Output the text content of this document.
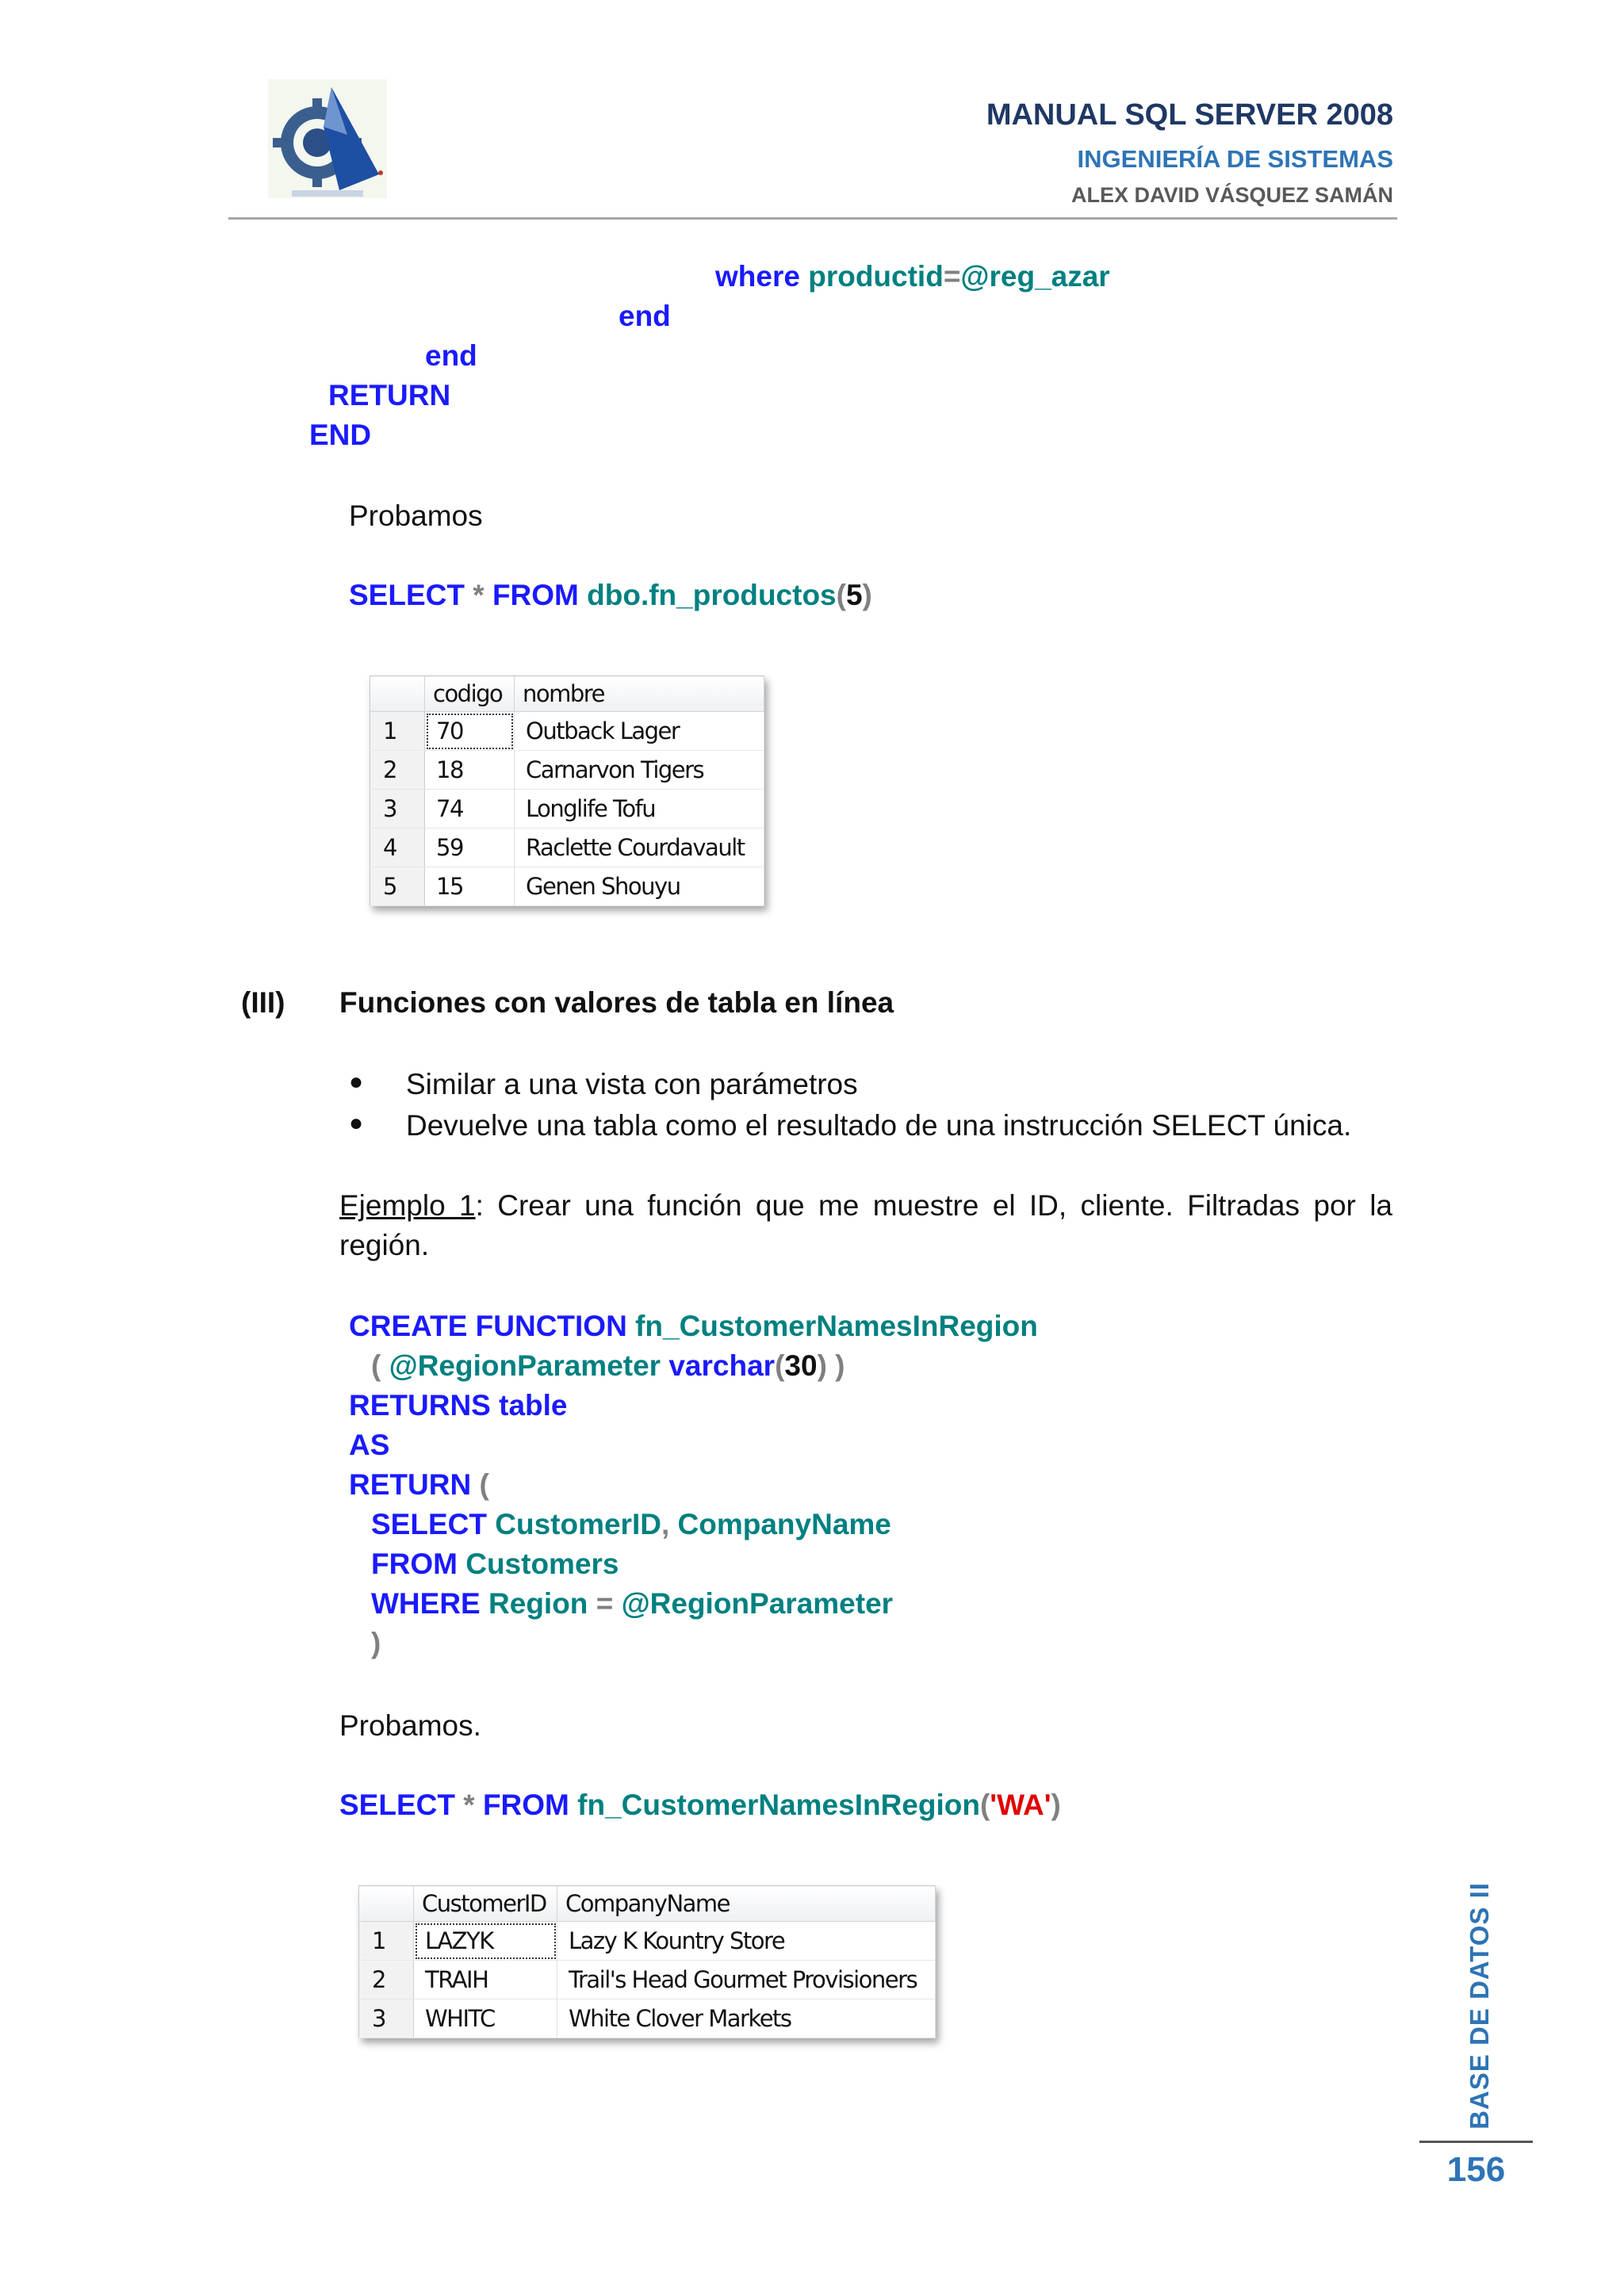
MANUAL SQL SERVER 2008
INGENIERÍA DE SISTEMAS
ALEX DAVID VÁSQUEZ SAMÁN
where productid=@reg_azar
end
end
RETURN
END
Probamos
SELECT * FROM dbo.fn_productos(5)
	codigo	nombre
1	70	Outback Lager
2	18	Carnarvon Tigers
3	74	Longlife Tofu
4	59	Raclette Courdavault
5	15	Genen Shouyu
(III) Funciones con valores de tabla en línea
● Similar a una vista con parámetros
● Devuelve una tabla como el resultado de una instrucción SELECT única.
Ejemplo 1: Crear una función que me muestre el ID, cliente. Filtradas por la región.
CREATE FUNCTION fn_CustomerNamesInRegion
( @RegionParameter varchar(30) )
RETURNS table
AS
RETURN (
SELECT CustomerID, CompanyName
FROM Customers
WHERE Region = @RegionParameter
)
Probamos.
SELECT * FROM fn_CustomerNamesInRegion('WA')
	CustomerID	CompanyName
1	LAZYK	Lazy K Kountry Store
2	TRAIH	Trail's Head Gourmet Provisioners
3	WHITC	White Clover Markets	BASE DE DATOS II
156
